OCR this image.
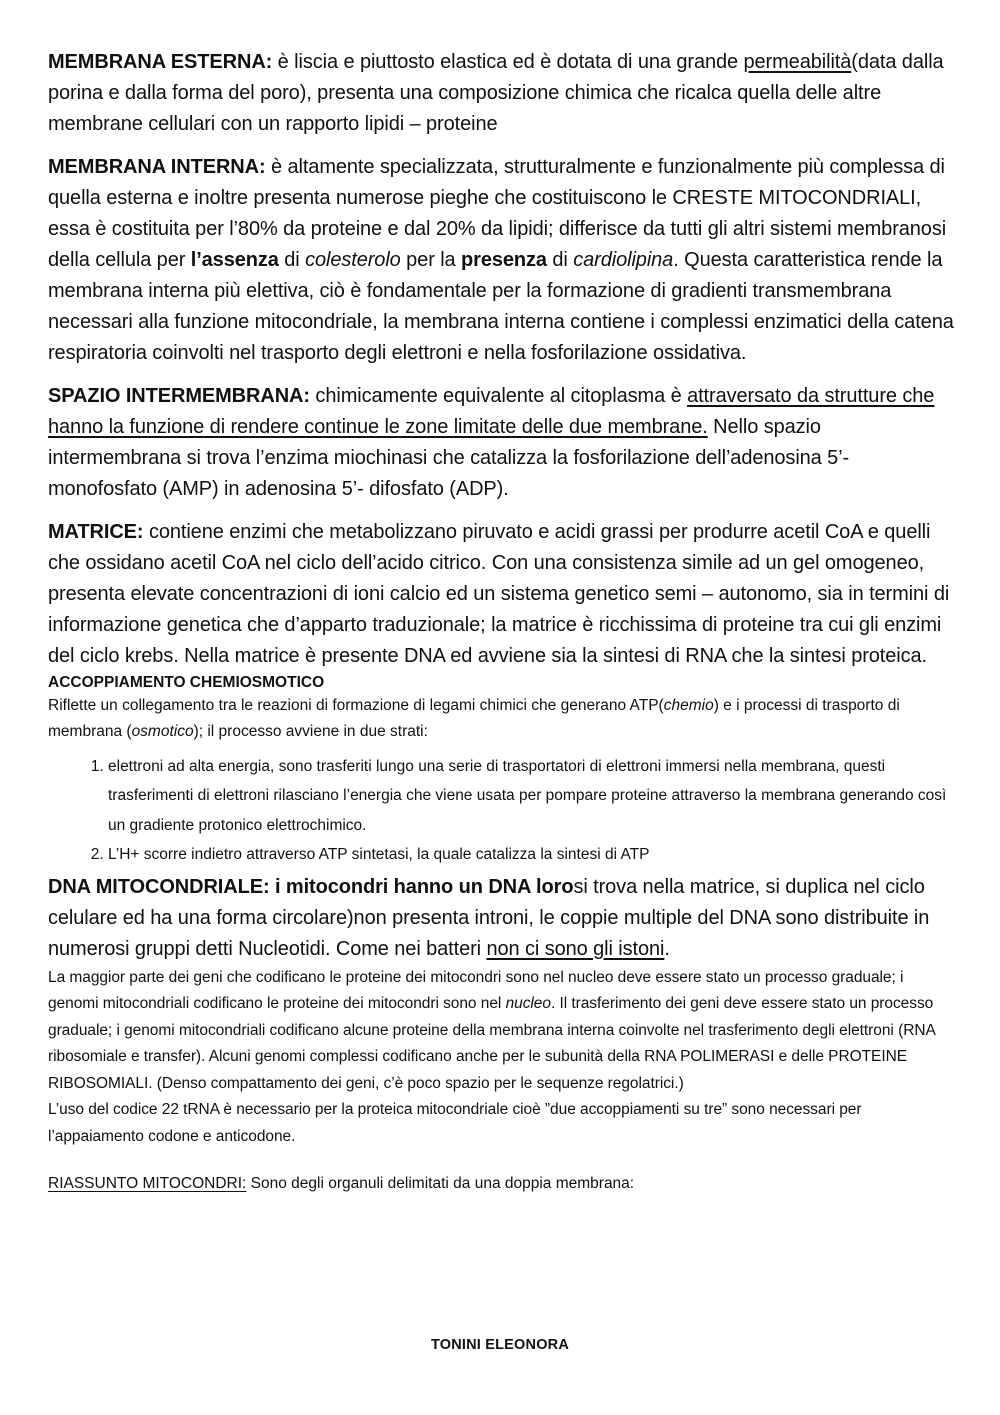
MEMBRANA ESTERNA: è liscia e piuttosto elastica ed è dotata di una grande permeabilità(data dalla porina e dalla forma del poro), presenta una composizione chimica che ricalca quella delle altre membrane cellulari con un rapporto lipidi – proteine

MEMBRANA INTERNA: è altamente specializzata, strutturalmente e funzionalmente più complessa di quella esterna e inoltre presenta numerose pieghe che costituiscono le CRESTE MITOCONDRIALI, essa è costituita per l’80% da proteine e dal 20% da lipidi; differisce da tutti gli altri sistemi membranosi della cellula per l’assenza di colesterolo per la presenza di cardiolipina. Questa caratteristica rende la membrana interna più elettiva, ciò è fondamentale per la formazione di gradienti transmembrana necessari alla funzione mitocondriale, la membrana interna contiene i complessi enzimatici della catena respiratoria coinvolti nel trasporto degli elettroni e nella fosforilazione ossidativa.

SPAZIO INTERMEMBRANA: chimicamente equivalente al citoplasma è attraversato da strutture che hanno la funzione di rendere continue le zone limitate delle due membrane. Nello spazio intermembrana si trova l’enzima miochinasi che catalizza la fosforilazione dell’adenosina 5’- monofosfato (AMP) in adenosina 5’- difosfato (ADP).

MATRICE: contiene enzimi che metabolizzano piruvato e acidi grassi per produrre acetil CoA e quelli che ossidano acetil CoA nel ciclo dell’acido citrico. Con una consistenza simile ad un gel omogeneo, presenta elevate concentrazioni di ioni calcio ed un sistema genetico semi – autonomo, sia in termini di informazione genetica che d’apparto traduzionale; la matrice è ricchissima di proteine tra cui gli enzimi del ciclo krebs. Nella matrice è presente DNA ed avviene sia la sintesi di RNA che la sintesi proteica.

ACCOPPIAMENTO CHEMIOSMOTICO

Riflette un collegamento tra le reazioni di formazione di legami chimici che generano ATP(chemio) e i processi di trasporto di membrana (osmotico); il processo avviene in due strati:

1. elettroni ad alta energia, sono trasferiti lungo una serie di trasportatori di elettroni immersi nella membrana, questi trasferimenti di elettroni rilasciano l’energia che viene usata per pompare proteine attraverso la membrana generando così un gradiente protonico elettrochimico.
2. L’H+ scorre indietro attraverso ATP sintetasi, la quale catalizza la sintesi di ATP

DNA MITOCONDRIALE: i mitocondri hanno un DNA lorosi trova nella matrice, si duplica nel ciclo celulare ed ha una forma circolare)non presenta introni, le coppie multiple del DNA sono distribuite in numerosi gruppi detti Nucleotidi. Come nei batteri non ci sono gli istoni.

La maggior parte dei geni che codificano le proteine dei mitocondri sono nel nucleo deve essere stato un processo graduale; i genomi mitocondriali codificano le proteine dei mitocondri sono nel nucleo. Il trasferimento dei geni deve essere stato un processo graduale; i genomi mitocondriali codificano alcune proteine della membrana interna coinvolte nel trasferimento degli elettroni (RNA ribosomiale e transfer). Alcuni genomi complessi codificano anche per le subunità della RNA POLIMERASI e delle PROTEINE RIBOSOMIALI. (Denso compattamento dei geni, c’è poco spazio per le sequenze regolatrici.)

L’uso del codice 22 tRNA è necessario per la proteica mitocondriale cioè ”due accoppiamenti su tre” sono necessari per l’appaiamento codone e anticodone.

RIASSUNTO MITOCONDRI: Sono degli organuli delimitati da una doppia membrana:

TONINI ELEONORA
